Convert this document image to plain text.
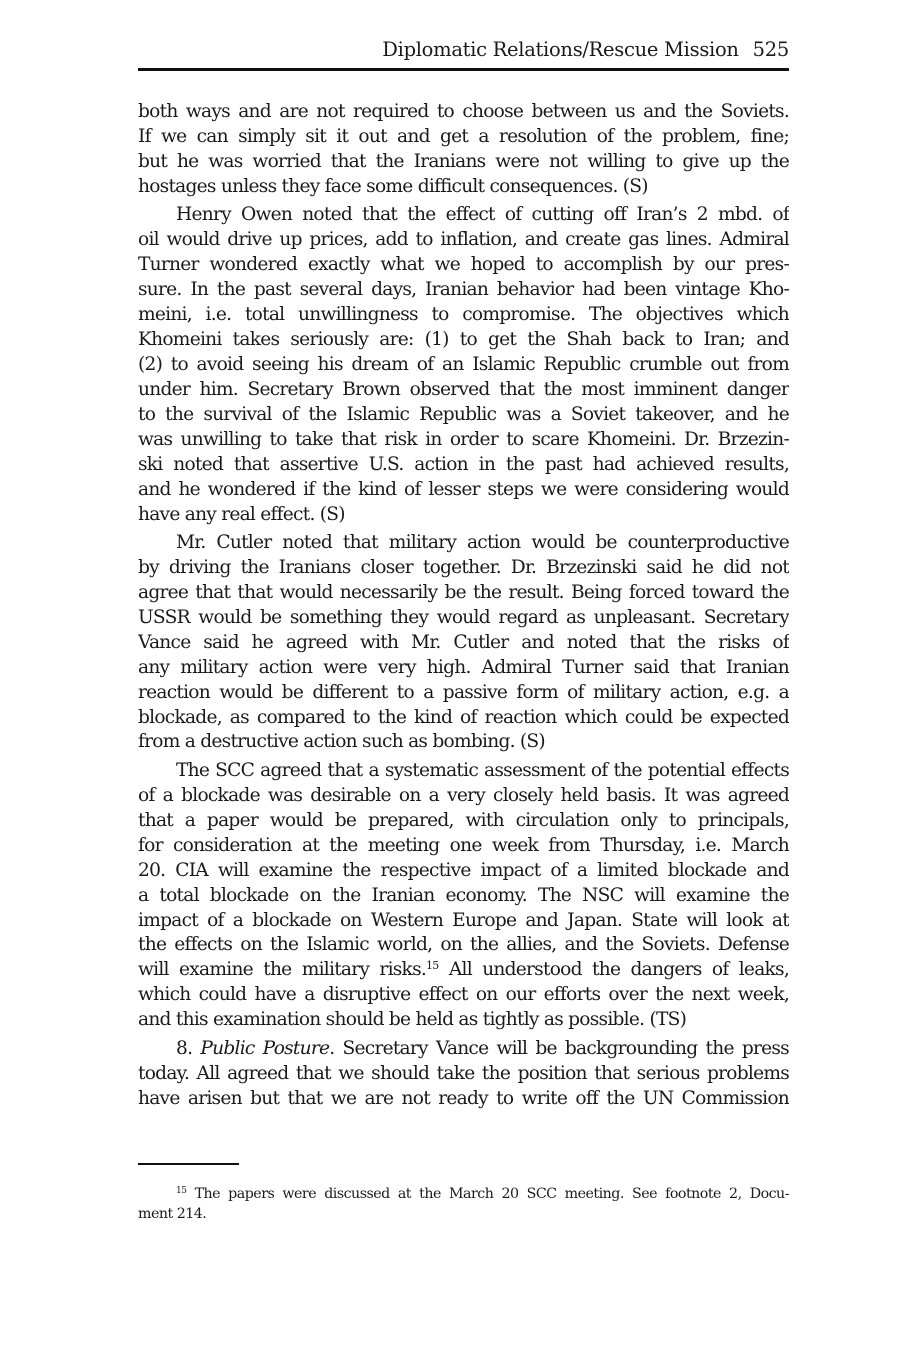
Diplomatic Relations/Rescue Mission 525
both ways and are not required to choose between us and the Soviets.
If we can simply sit it out and get a resolution of the problem, fine;
but he was worried that the Iranians were not willing to give up the
hostages unless they face some difficult consequences. (S)
Henry Owen noted that the effect of cutting off Iran’s 2 mbd. of
oil would drive up prices, add to inflation, and create gas lines. Admiral
Turner wondered exactly what we hoped to accomplish by our pres-
sure. In the past several days, Iranian behavior had been vintage Kho-
meini, i.e. total unwillingness to compromise. The objectives which
Khomeini takes seriously are: (1) to get the Shah back to Iran; and
(2) to avoid seeing his dream of an Islamic Republic crumble out from
under him. Secretary Brown observed that the most imminent danger
to the survival of the Islamic Republic was a Soviet takeover, and he
was unwilling to take that risk in order to scare Khomeini. Dr. Brzezin-
ski noted that assertive U.S. action in the past had achieved results,
and he wondered if the kind of lesser steps we were considering would
have any real effect. (S)
Mr. Cutler noted that military action would be counterproductive
by driving the Iranians closer together. Dr. Brzezinski said he did not
agree that that would necessarily be the result. Being forced toward the
USSR would be something they would regard as unpleasant. Secretary
Vance said he agreed with Mr. Cutler and noted that the risks of
any military action were very high. Admiral Turner said that Iranian
reaction would be different to a passive form of military action, e.g. a
blockade, as compared to the kind of reaction which could be expected
from a destructive action such as bombing. (S)
The SCC agreed that a systematic assessment of the potential effects
of a blockade was desirable on a very closely held basis. It was agreed
that a paper would be prepared, with circulation only to principals,
for consideration at the meeting one week from Thursday, i.e. March
20. CIA will examine the respective impact of a limited blockade and
a total blockade on the Iranian economy. The NSC will examine the
impact of a blockade on Western Europe and Japan. State will look at
the effects on the Islamic world, on the allies, and the Soviets. Defense
will examine the military risks.$^{15}$ All understood the dangers of leaks,
which could have a disruptive effect on our efforts over the next week,
and this examination should be held as tightly as possible. (TS)
8. Public Posture. Secretary Vance will be backgrounding the press
today. All agreed that we should take the position that serious problems
have arisen but that we are not ready to write off the UN Commission
$^{15}$ The papers were discussed at the March 20 SCC meeting. See footnote 2, Docu-
ment 214.
